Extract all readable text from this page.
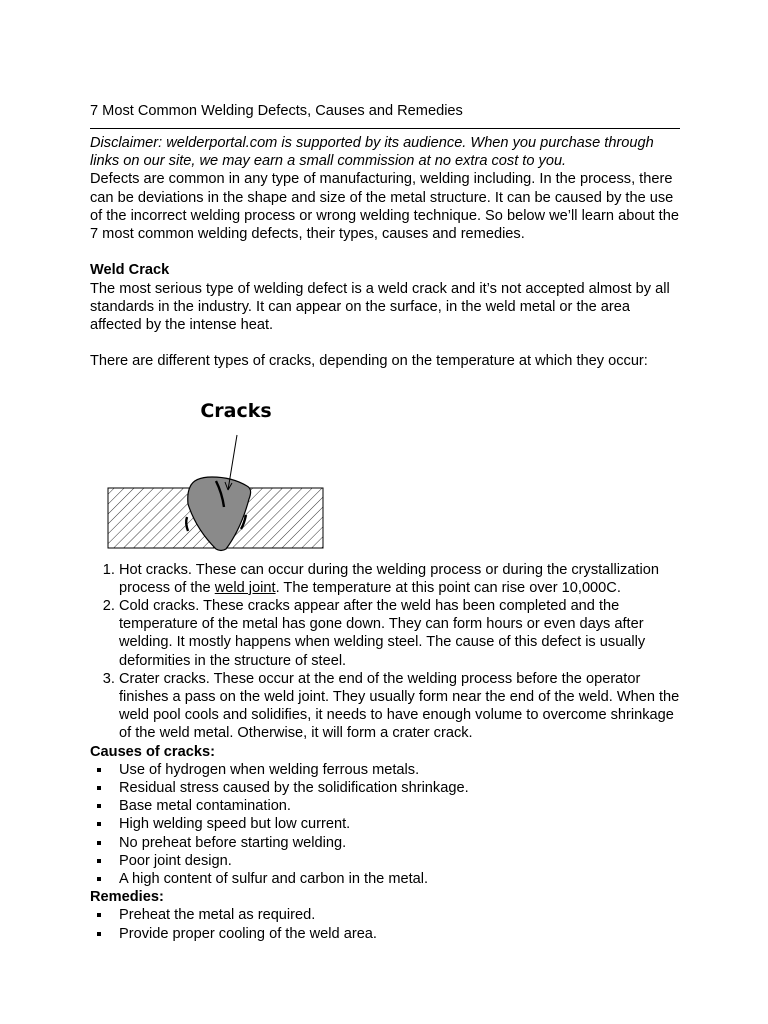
7 Most Common Welding Defects, Causes and Remedies

Disclaimer: welderportal.com is supported by its audience. When you purchase through links on our site, we may earn a small commission at no extra cost to you.

Defects are common in any type of manufacturing, welding including. In the process, there can be deviations in the shape and size of the metal structure. It can be caused by the use of the incorrect welding process or wrong welding technique. So below we’ll learn about the 7 most common welding defects, their types, causes and remedies.

Weld Crack

The most serious type of welding defect is a weld crack and it’s not accepted almost by all standards in the industry. It can appear on the surface, in the weld metal or the area affected by the intense heat.

There are different types of cracks, depending on the temperature at which they occur:

Cracks
1. Hot cracks. These can occur during the welding process or during the crystallization process of the weld joint. The temperature at this point can rise over 10,000C.
2. Cold cracks. These cracks appear after the weld has been completed and the temperature of the metal has gone down. They can form hours or even days after welding. It mostly happens when welding steel. The cause of this defect is usually deformities in the structure of steel.
3. Crater cracks. These occur at the end of the welding process before the operator finishes a pass on the weld joint. They usually form near the end of the weld. When the weld pool cools and solidifies, it needs to have enough volume to overcome shrinkage of the weld metal. Otherwise, it will form a crater crack.

Causes of cracks:

Use of hydrogen when welding ferrous metals.
Residual stress caused by the solidification shrinkage.
Base metal contamination.
High welding speed but low current.
No preheat before starting welding.
Poor joint design.
A high content of sulfur and carbon in the metal.

Remedies:

Preheat the metal as required.
Provide proper cooling of the weld area.
